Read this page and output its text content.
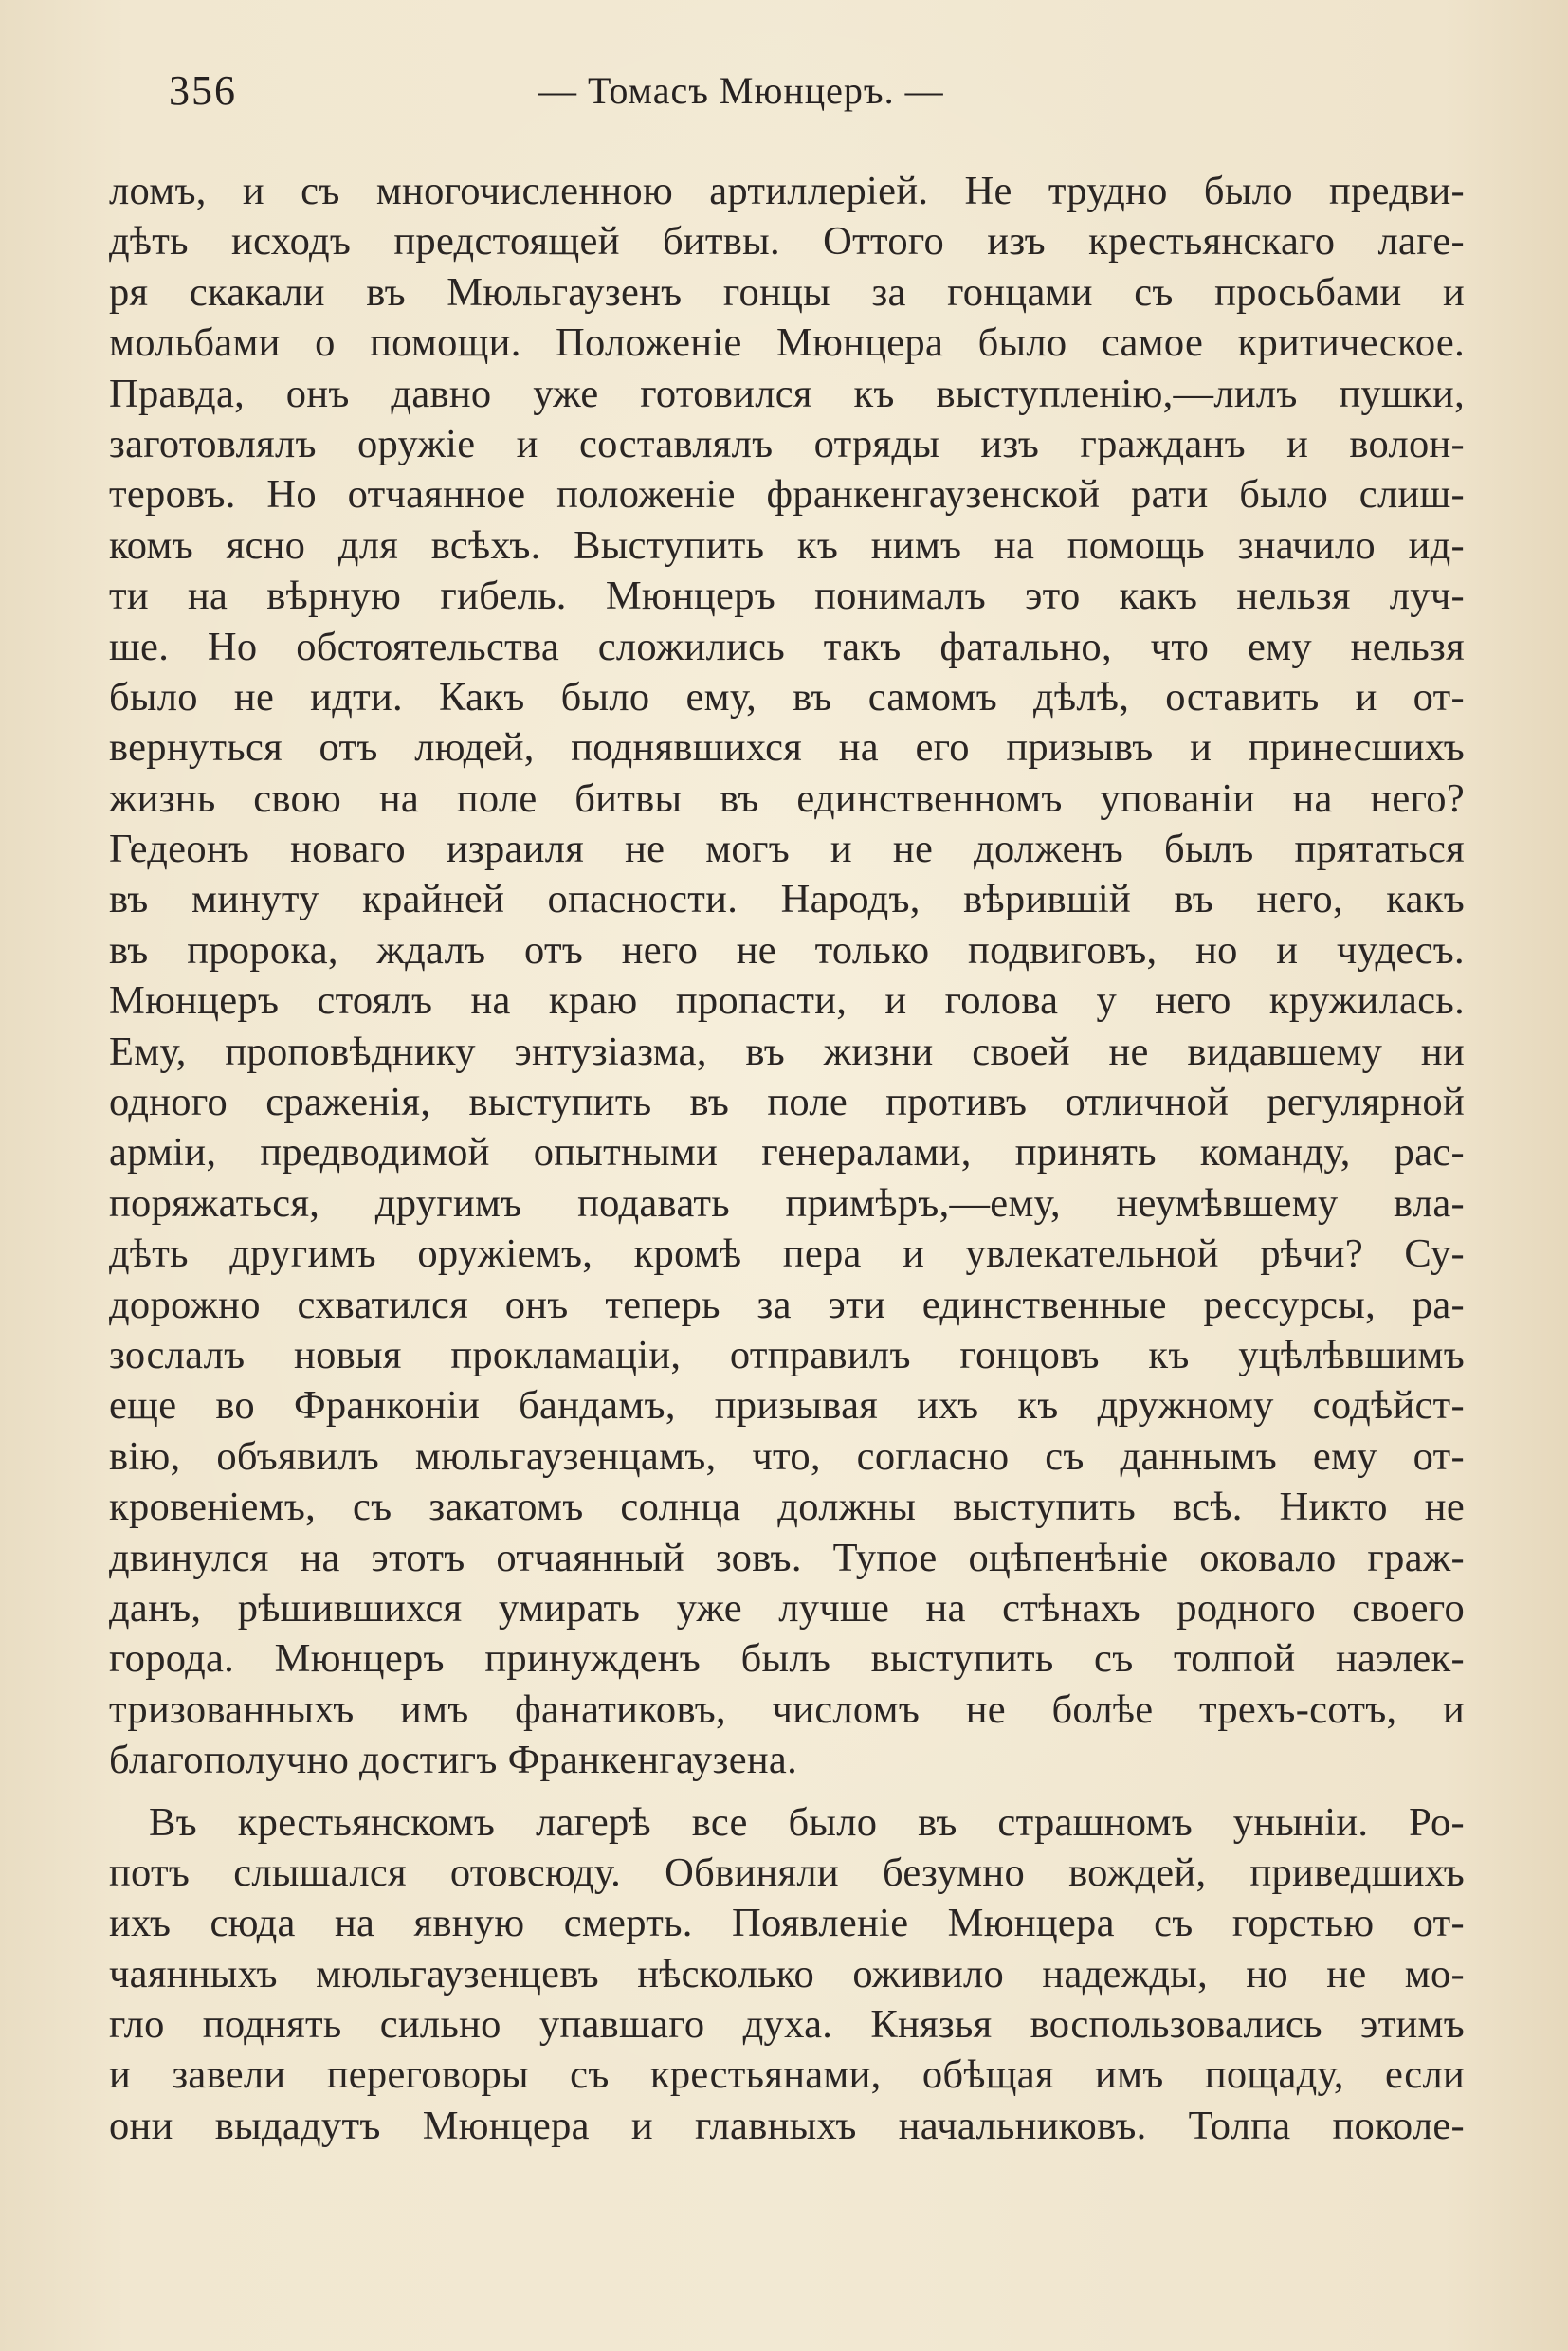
356	— Томасъ Мюнцеръ. —
ломъ, и съ многочисленною артиллеріей. Не трудно было предви-
дѣть исходъ предстоящей битвы. Оттого изъ крестьянскаго лаге-
ря скакали въ Мюльгаузенъ гонцы за гонцами съ просьбами и
мольбами о помощи. Положеніе Мюнцера было самое критическое.
Правда, онъ давно уже готовился къ выступленію,—лилъ пушки,
заготовлялъ оружіе и составлялъ отряды изъ гражданъ и волон-
теровъ. Но отчаянное положеніе франкенгаузенской рати было слиш-
комъ ясно для всѣхъ. Выступить къ нимъ на помощь значило ид-
ти на вѣрную гибель. Мюнцеръ понималъ это какъ нельзя луч-
ше. Но обстоятельства сложились такъ фатально, что ему нельзя
было не идти. Какъ было ему, въ самомъ дѣлѣ, оставить и от-
вернуться отъ людей, поднявшихся на его призывъ и принесшихъ
жизнь свою на поле битвы въ единственномъ упованіи на него?
Гедеонъ новаго израиля не могъ и не долженъ былъ прятаться
въ минуту крайней опасности. Народъ, вѣрившій въ него, какъ
въ пророка, ждалъ отъ него не только подвиговъ, но и чудесъ.
Мюнцеръ стоялъ на краю пропасти, и голова у него кружилась.
Ему, проповѣднику энтузіазма, въ жизни своей не видавшему ни
одного сраженія, выступить въ поле противъ отличной регулярной
арміи, предводимой опытными генералами, принять команду, рас-
поряжаться, другимъ подавать примѣръ,—ему, неумѣвшему вла-
дѣть другимъ оружіемъ, кромѣ пера и увлекательной рѣчи? Су-
дорожно схватился онъ теперь за эти единственные рессурсы, ра-
зослалъ новыя прокламаціи, отправилъ гонцовъ къ уцѣлѣвшимъ
еще во Франконіи бандамъ, призывая ихъ къ дружному содѣйст-
вію, объявилъ мюльгаузенцамъ, что, согласно съ даннымъ ему от-
кровеніемъ, съ закатомъ солнца должны выступить всѣ. Никто не
двинулся на этотъ отчаянный зовъ. Тупое оцѣпенѣніе оковало граж-
данъ, рѣшившихся умирать уже лучше на стѣнахъ родного своего
города. Мюнцеръ принужденъ былъ выступить съ толпой наэлек-
тризованныхъ имъ фанатиковъ, числомъ не болѣе трехъ-сотъ, и
благополучно достигъ Франкенгаузена.
Въ крестьянскомъ лагерѣ все было въ страшномъ уныніи. Ро-
потъ слышался отовсюду. Обвиняли безумно вождей, приведшихъ
ихъ сюда на явную смерть. Появленіе Мюнцера съ горстью от-
чаянныхъ мюльгаузенцевъ нѣсколько оживило надежды, но не мо-
гло поднять сильно упавшаго духа. Князья воспользовались этимъ
и завели переговоры съ крестьянами, обѣщая имъ пощаду, если
они выдадутъ Мюнцера и главныхъ начальниковъ. Толпа поколе-
